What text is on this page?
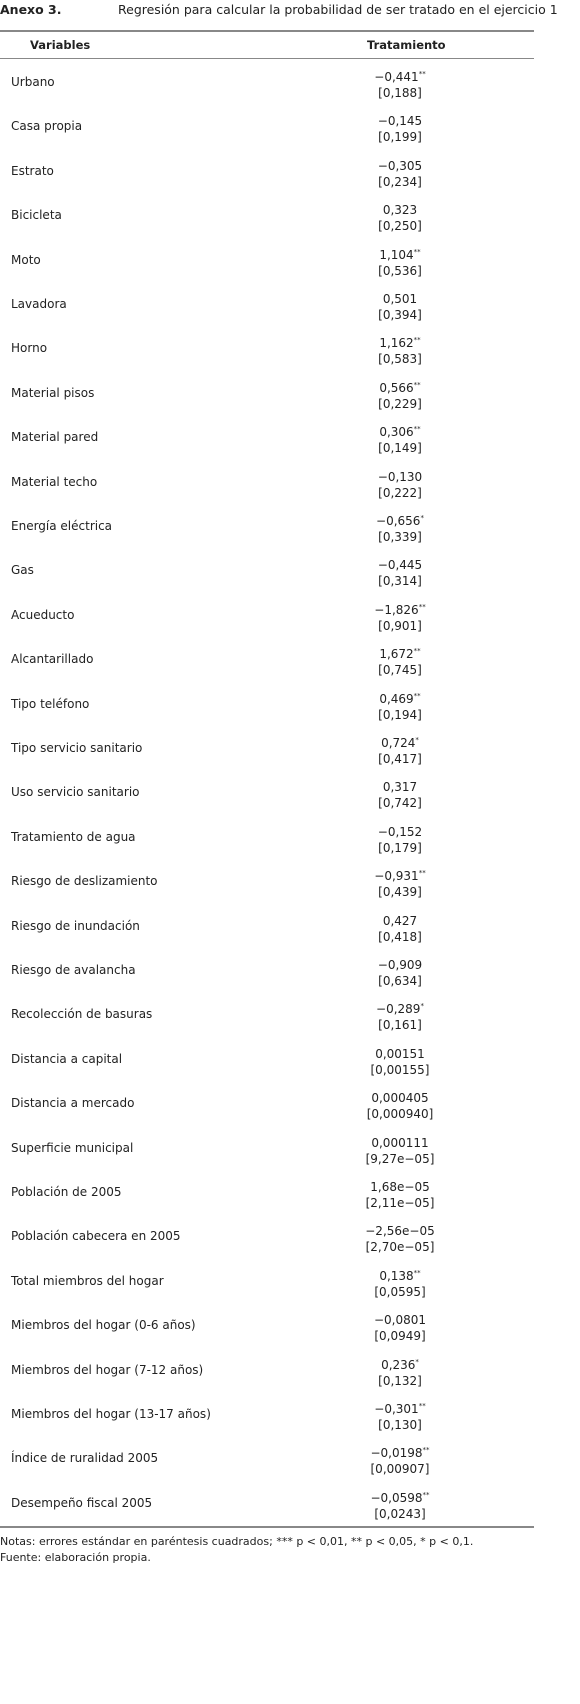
Anexo 3.	Regresión para calcular la probabilidad de ser tratado en el ejercicio 1
Variables	Tratamiento
Urbano	−0,441**
[0,188]
Casa propia	−0,145
[0,199]
Estrato	−0,305
[0,234]
Bicicleta	0,323
[0,250]
Moto	1,104**
[0,536]
Lavadora	0,501
[0,394]
Horno	1,162**
[0,583]
Material pisos	0,566**
[0,229]
Material pared	0,306**
[0,149]
Material techo	−0,130
[0,222]
Energía eléctrica	−0,656*
[0,339]
Gas	−0,445
[0,314]
Acueducto	−1,826**
[0,901]
Alcantarillado	1,672**
[0,745]
Tipo teléfono	0,469**
[0,194]
Tipo servicio sanitario	0,724*
[0,417]
Uso servicio sanitario	0,317
[0,742]
Tratamiento de agua	−0,152
[0,179]
Riesgo de deslizamiento	−0,931**
[0,439]
Riesgo de inundación	0,427
[0,418]
Riesgo de avalancha	−0,909
[0,634]
Recolección de basuras	−0,289*
[0,161]
Distancia a capital	0,00151
[0,00155]
Distancia a mercado	0,000405
[0,000940]
Superficie municipal	0,000111
[9,27e−05]
Población de 2005	1,68e−05
[2,11e−05]
Población cabecera en 2005	−2,56e−05
[2,70e−05]
Total miembros del hogar	0,138**
[0,0595]
Miembros del hogar (0-6 años)	−0,0801
[0,0949]
Miembros del hogar (7-12 años)	0,236*
[0,132]
Miembros del hogar (13-17 años)	−0,301**
[0,130]
Índice de ruralidad 2005	−0,0198**
[0,00907]
Desempeño fiscal 2005	−0,0598**
[0,0243]
Notas: errores estándar en paréntesis cuadrados; *** p < 0,01, ** p < 0,05, * p < 0,1.
Fuente: elaboración propia.
